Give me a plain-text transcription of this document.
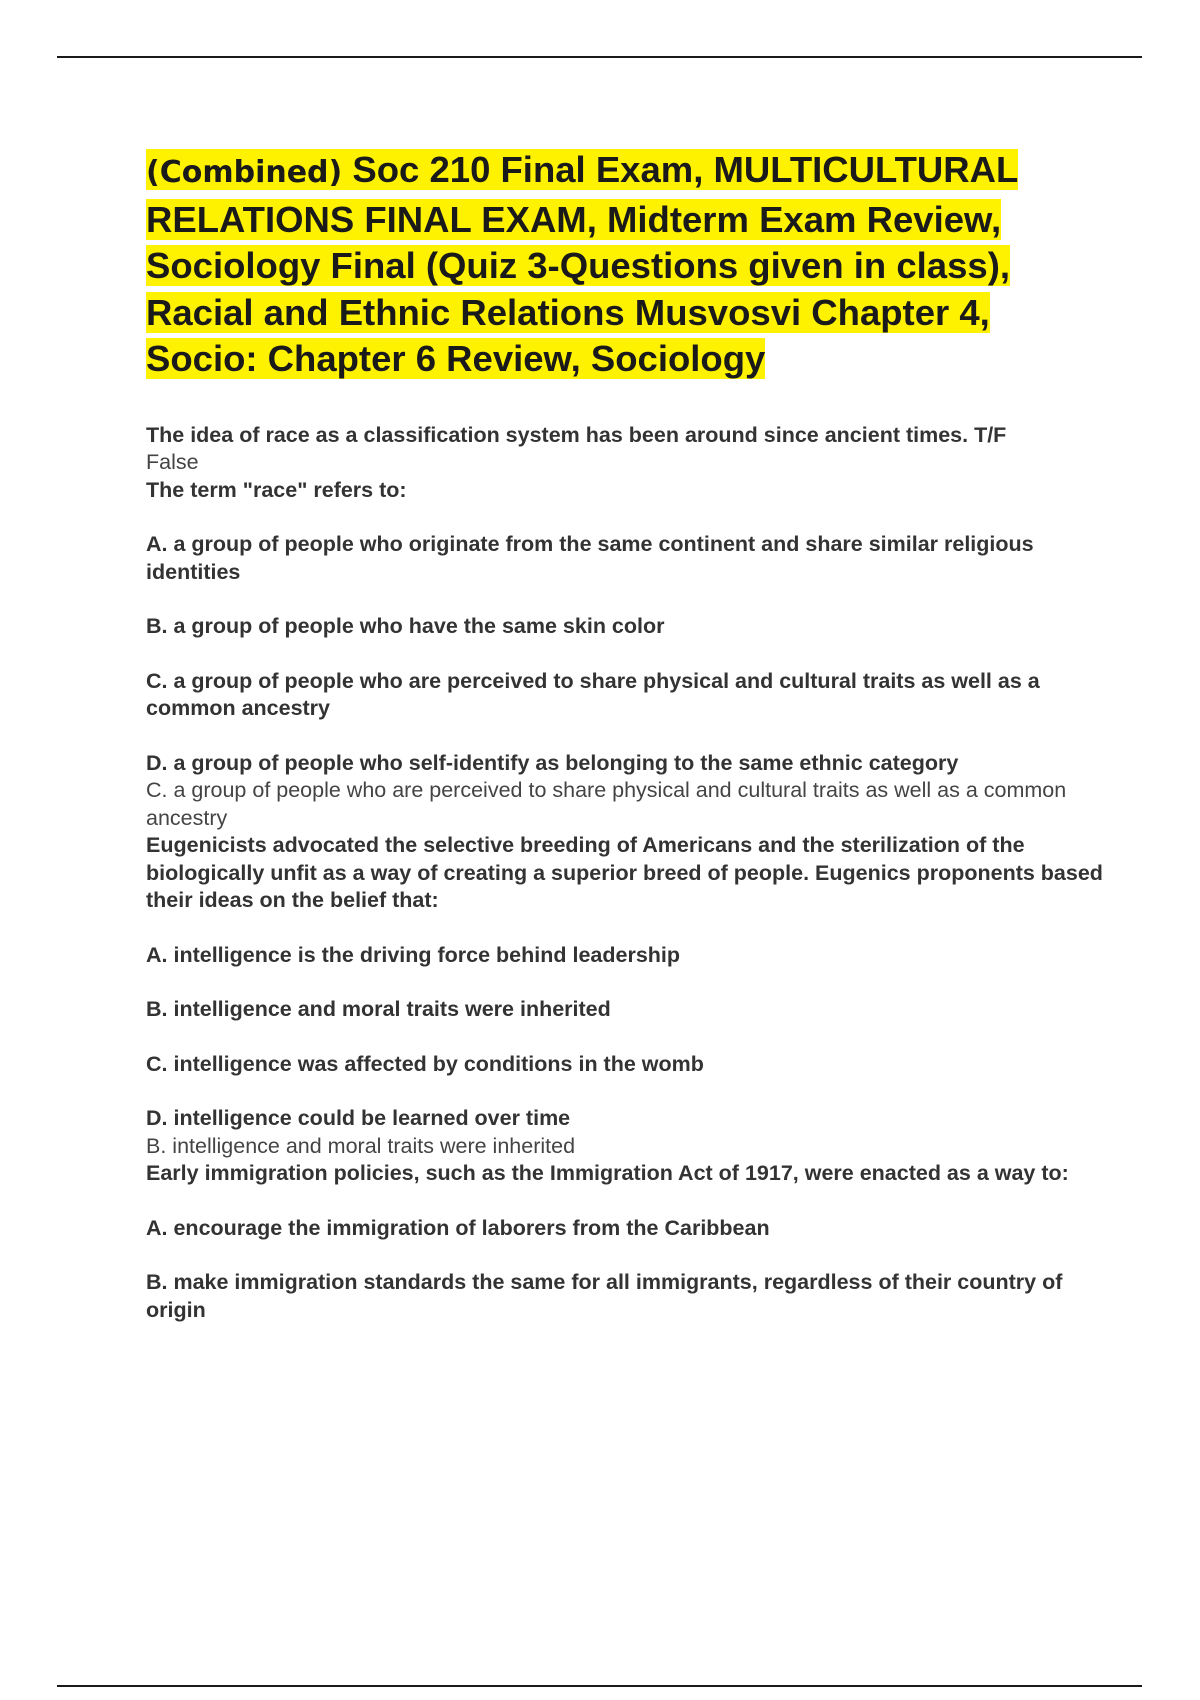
(Combined) Soc 210 Final Exam, MULTICULTURAL RELATIONS FINAL EXAM, Midterm Exam Review, Sociology Final (Quiz 3-Questions given in class), Racial and Ethnic Relations Musvosvi Chapter 4, Socio: Chapter 6 Review, Sociology

The idea of race as a classification system has been around since ancient times. T/F

False

The term "race" refers to:

A. a group of people who originate from the same continent and share similar religious identities

B. a group of people who have the same skin color

C. a group of people who are perceived to share physical and cultural traits as well as a common ancestry

D. a group of people who self-identify as belonging to the same ethnic category

C. a group of people who are perceived to share physical and cultural traits as well as a common ancestry

Eugenicists advocated the selective breeding of Americans and the sterilization of the biologically unfit as a way of creating a superior breed of people. Eugenics proponents based their ideas on the belief that:

A. intelligence is the driving force behind leadership

B. intelligence and moral traits were inherited

C. intelligence was affected by conditions in the womb

D. intelligence could be learned over time

B. intelligence and moral traits were inherited

Early immigration policies, such as the Immigration Act of 1917, were enacted as a way to:

A. encourage the immigration of laborers from the Caribbean

B. make immigration standards the same for all immigrants, regardless of their country of origin
